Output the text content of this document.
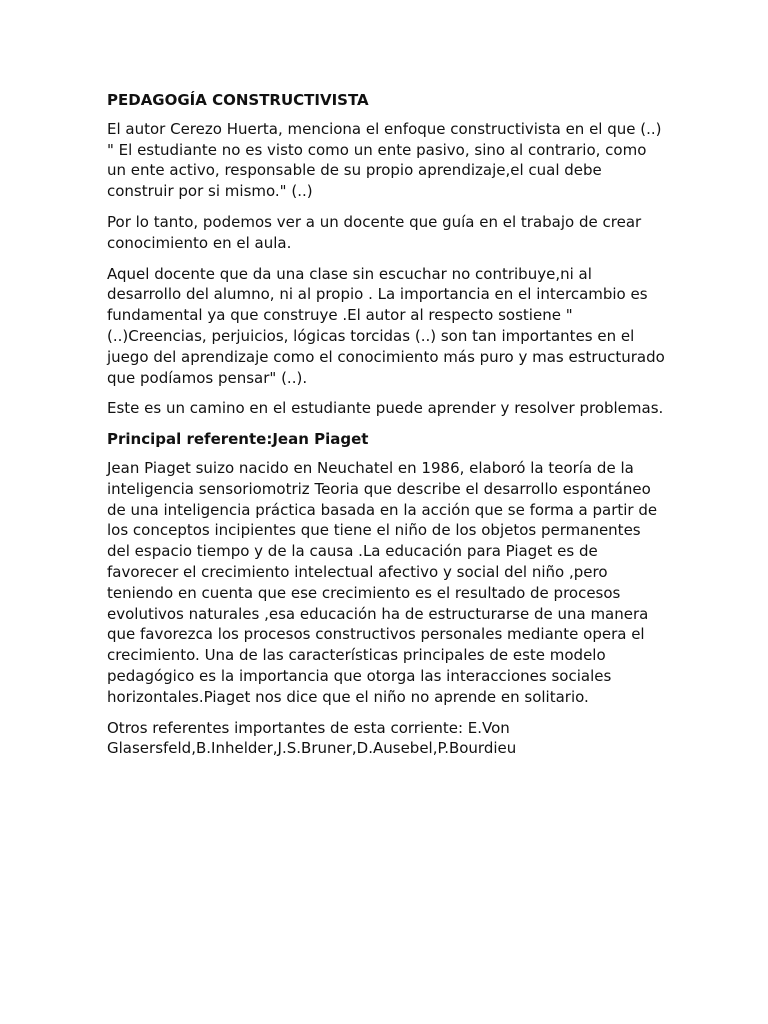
PEDAGOGÍA CONSTRUCTIVISTA

El autor Cerezo Huerta, menciona el enfoque constructivista en el que (..) " El estudiante no es visto como un ente pasivo, sino al contrario, como un ente activo, responsable de su propio aprendizaje,el cual debe construir por si mismo." (..)

Por lo tanto, podemos ver a un docente que guía en el trabajo de crear conocimiento en el aula.

Aquel docente que da una clase sin escuchar no contribuye,ni al desarrollo del alumno, ni al propio . La importancia en el intercambio es fundamental ya que construye .El autor al respecto sostiene "(..)Creencias, perjuicios, lógicas torcidas (..) son tan importantes en el juego del aprendizaje como el conocimiento más puro y mas estructurado que podíamos pensar" (..).

Este es un camino en el estudiante puede aprender y resolver problemas.

Principal referente:Jean Piaget

Jean Piaget suizo nacido en Neuchatel en 1986, elaboró la teoría de la inteligencia sensoriomotriz Teoria que describe el desarrollo espontáneo de una inteligencia práctica basada en la acción que se forma a partir de los conceptos incipientes que tiene el niño de los objetos permanentes del espacio tiempo y de la causa .La educación para Piaget es de favorecer el crecimiento intelectual afectivo y social del niño ,pero teniendo en cuenta que ese crecimiento es el resultado de procesos evolutivos naturales ,esa educación ha de estructurarse de una manera que favorezca los procesos constructivos personales mediante opera el crecimiento. Una de las características principales de este modelo pedagógico es la importancia que otorga las interacciones sociales horizontales.Piaget nos dice que el niño no aprende en solitario.

Otros referentes importantes de esta corriente: E.Von Glasersfeld,B.Inhelder,J.S.Bruner,D.Ausebel,P.Bourdieu
